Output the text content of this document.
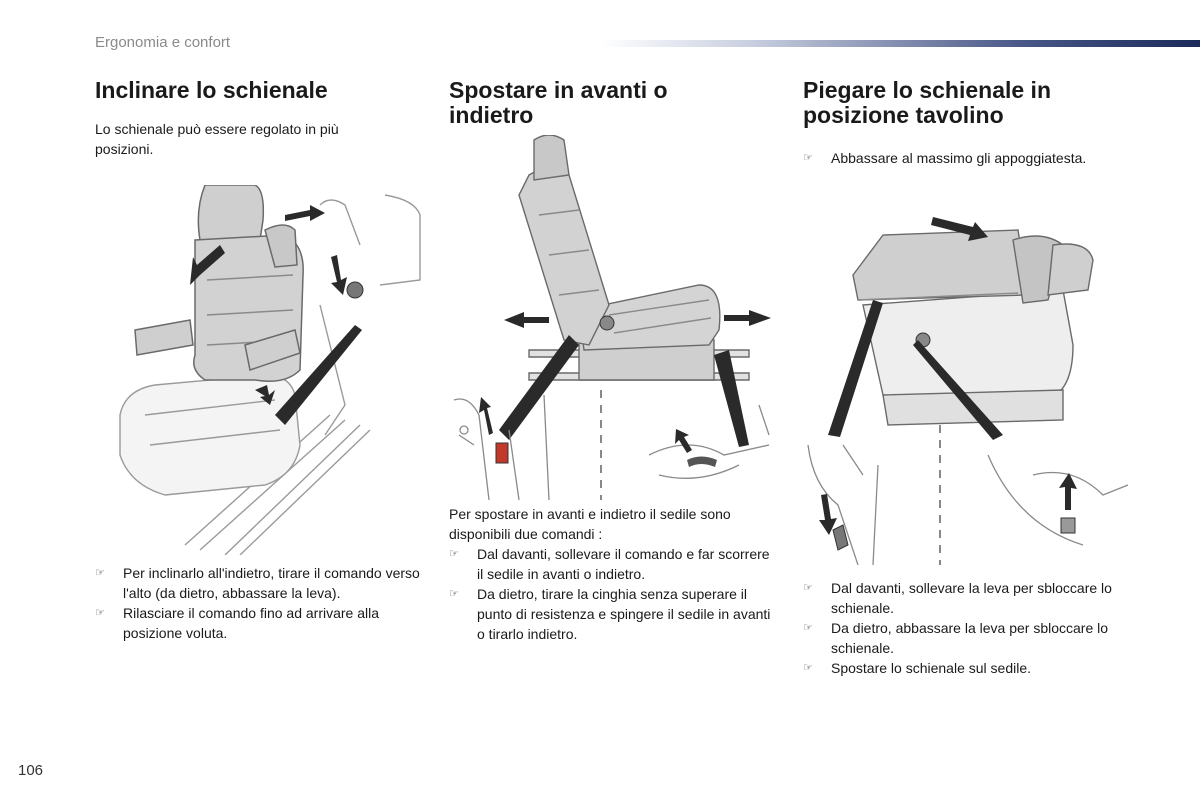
Ergonomia e confort
Inclinare lo schienale

Lo schienale può essere regolato in più posizioni.

☞ Per inclinarlo all'indietro, tirare il comando verso l'alto (da dietro, abbassare la leva).
☞ Rilasciare il comando fino ad arrivare alla posizione voluta.
Spostare in avanti o indietro

Per spostare in avanti e indietro il sedile sono disponibili due comandi :

☞ Dal davanti, sollevare il comando e far scorrere il sedile in avanti o indietro.
☞ Da dietro, tirare la cinghia senza superare il punto di resistenza e spingere il sedile in avanti o tirarlo indietro.
Piegare lo schienale in posizione tavolino
☞ Abbassare al massimo gli appoggiatesta.
☞ Dal davanti, sollevare la leva per sbloccare lo schienale.
☞ Da dietro, abbassare la leva per sbloccare lo schienale.
☞ Spostare lo schienale sul sedile.
106
